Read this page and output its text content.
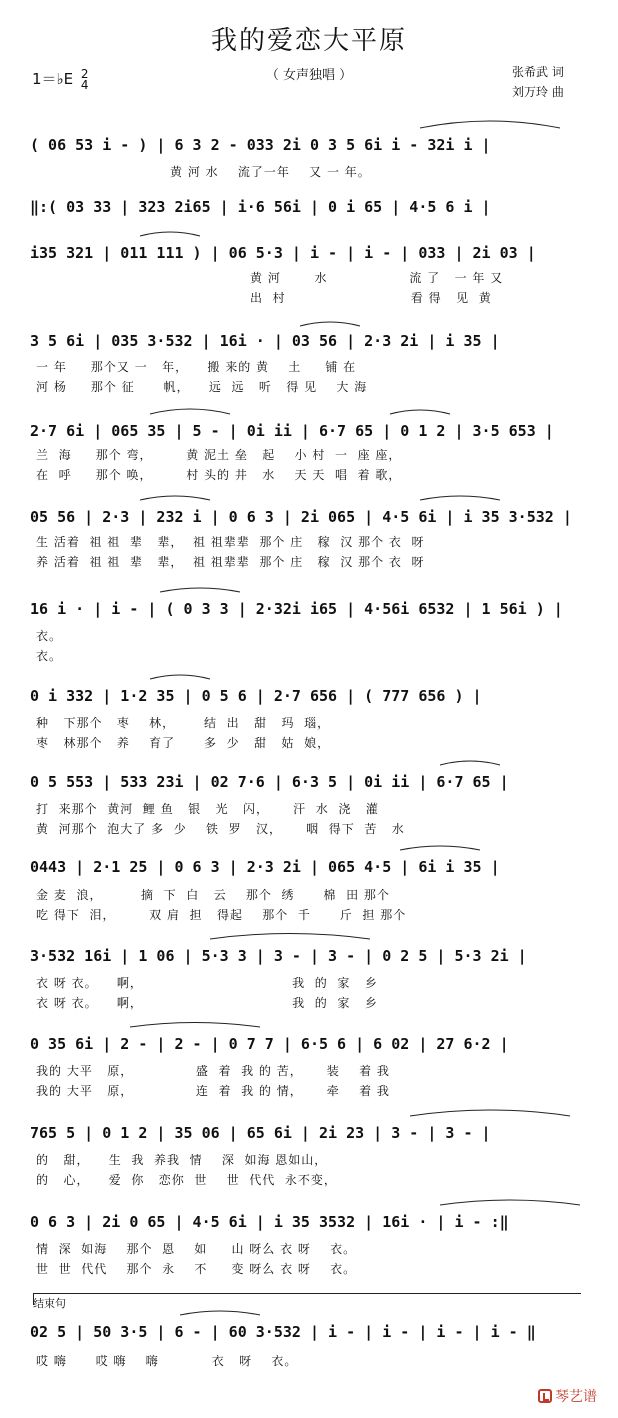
我的爱恋大平原
（ 女声独唱 ）
1＝♭E 2
4
张希武 词
刘万玲 曲
( 06 53 i - ) | 6 3 2 - 033 2i 0 3 5 6i i - 32i i |
‖:( 03 33 | 323 2i65 | i·6 56i | 0 i 65 | 4·5 6 i |
i35 321 | 011 111 ) | 06 5·3 | i - | i - | 033 | 2i 03 |
3 5 6i | 035 3·532 | 16i · | 03 56 | 2·3 2i | i 35 |
2·7 6i | 065 35 | 5 - | 0i ii | 6·7 65 | 0 1 2 | 3·5 653 |
05 56 | 2·3 | 232 i | 0 6 3 | 2i 065 | 4·5 6i | i 35 3·532 |
16 i · | i - | ( 0 3 3 | 2·32i i65 | 4·56i 6532 | 1 56i ) |
0 i 332 | 1·2 35 | 0 5 6 | 2·7 656 | ( 777 656 ) |
0 5 553 | 533 23i | 02 7·6 | 6·3 5 | 0i ii | 6·7 65 |
0443 | 2·1 25 | 0 6 3 | 2·3 2i | 065 4·5 | 6i i 35 |
3·532 16i | 1 06 | 5·3 3 | 3 - | 3 - | 0 2 5 | 5·3 2i |
0 35 6i | 2 - | 2 - | 0 7 7 | 6·5 6 | 6 02 | 27 6·2 |
765 5 | 0 1 2 | 35 06 | 65 6i | 2i 23 | 3 - | 3 - |
0 6 3 | 2i 0 65 | 4·5 6i | i 35 3532 | 16i · | i - :‖
02 5 | 50 3·5 | 6 - | 60 3·532 | i - | i - | i - | i - ‖
黄 河 水    流了一年    又 一 年。
黄 河       水                 流 了   一 年 又
出  村                          看 得   见  黄
一 年     那个又 一   年，    搬 来的 黄    土     铺 在
河 杨     那个 征      帆，    远  远   听   得 见    大 海
兰  海     那个 弯，       黄 泥土 垒   起    小 村  一  座 座，
在  呼     那个 唤，       村 头的 井   水    天 天  唱  着 歌，
生 活着  祖 祖  辈   辈，  祖 祖辈辈  那个 庄   稼  汉 那个 衣  呀
养 活着  祖 祖  辈   辈，  祖 祖辈辈  那个 庄   稼  汉 那个 衣  呀
衣。
衣。
种   下那个   枣    林，      结  出   甜   玛  瑙，
枣   林那个   养    育了      多  少   甜   姑  娘，
打  来那个  黄河  鲤 鱼   银   光   闪，     汗  水  浇   灌
黄  河那个  泡大了 多  少    铁  罗   汉，     咽  得下  苦   水
金 麦  浪，        摘  下  白   云    那个  绣      棉  田 那个
吃 得下  泪，       双 肩  担   得起    那个  千      斤  担 那个
衣 呀 衣。    啊，                               我  的  家   乡
衣 呀 衣。    啊，                               我  的  家   乡
我的 大平   原，             盛  着  我 的 苦，     装    着 我
我的 大平   原，             连  着  我 的 情，     牵    着 我
的   甜，    生  我  养我  情    深  如海 恩如山，
的   心，    爱  你   恋你  世    世  代代  永不变，
情  深  如海    那个  恩    如     山 呀么 衣 呀    衣。
世  世  代代    那个  永    不     变 呀么 衣 呀    衣。
哎 嗨      哎 嗨    嗨           衣   呀    衣。
结束句
琴艺谱
